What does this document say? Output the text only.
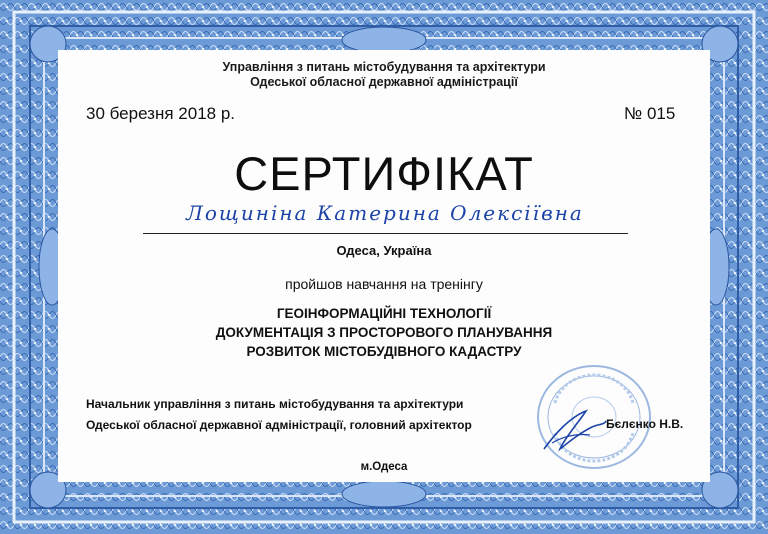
Управління з питань містобудування та архітектури
Одеської обласної державної адміністрації
30 березня 2018 р.	№ 015
СЕРТИФІКАТ
Лощиніна Катерина Олексіївна
Одеса, Україна
пройшов навчання на тренінгу
ГЕОІНФОРМАЦІЙНІ ТЕХНОЛОГІЇ
ДОКУМЕНТАЦІЯ З ПРОСТОРОВОГО ПЛАНУВАННЯ
РОЗВИТОК МІСТОБУДІВНОГО КАДАСТРУ
Начальник управління з питань містобудування та архітектури
Одеської обласної державної адміністрації, головний архітектор	Бєлєнко Н.В.
м.Одеса
